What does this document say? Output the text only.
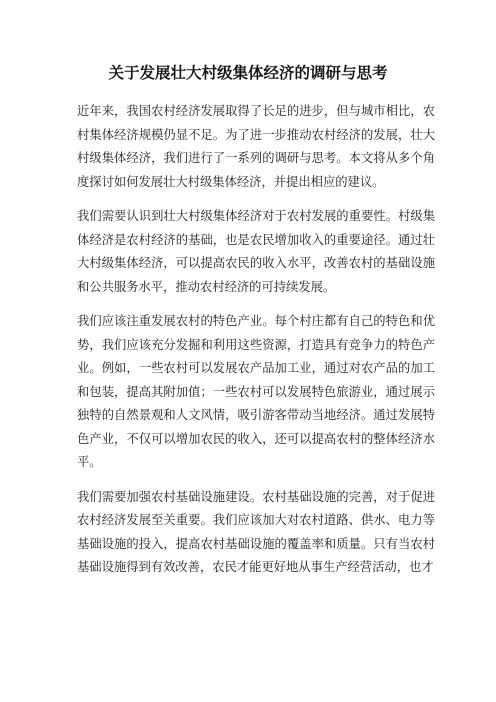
关于发展壮大村级集体经济的调研与思考

近年来，我国农村经济发展取得了长足的进步，但与城市相比，农村集体经济规模仍显不足。为了进一步推动农村经济的发展，壮大村级集体经济，我们进行了一系列的调研与思考。本文将从多个角度探讨如何发展壮大村级集体经济，并提出相应的建议。

我们需要认识到壮大村级集体经济对于农村发展的重要性。村级集体经济是农村经济的基础，也是农民增加收入的重要途径。通过壮大村级集体经济，可以提高农民的收入水平，改善农村的基础设施和公共服务水平，推动农村经济的可持续发展。

我们应该注重发展农村的特色产业。每个村庄都有自己的特色和优势，我们应该充分发掘和利用这些资源，打造具有竞争力的特色产业。例如，一些农村可以发展农产品加工业，通过对农产品的加工和包装，提高其附加值；一些农村可以发展特色旅游业，通过展示独特的自然景观和人文风情，吸引游客带动当地经济。通过发展特色产业，不仅可以增加农民的收入，还可以提高农村的整体经济水平。

我们需要加强农村基础设施建设。农村基础设施的完善，对于促进农村经济发展至关重要。我们应该加大对农村道路、供水、电力等基础设施的投入，提高农村基础设施的覆盖率和质量。只有当农村基础设施得到有效改善，农民才能更好地从事生产经营活动，也才
